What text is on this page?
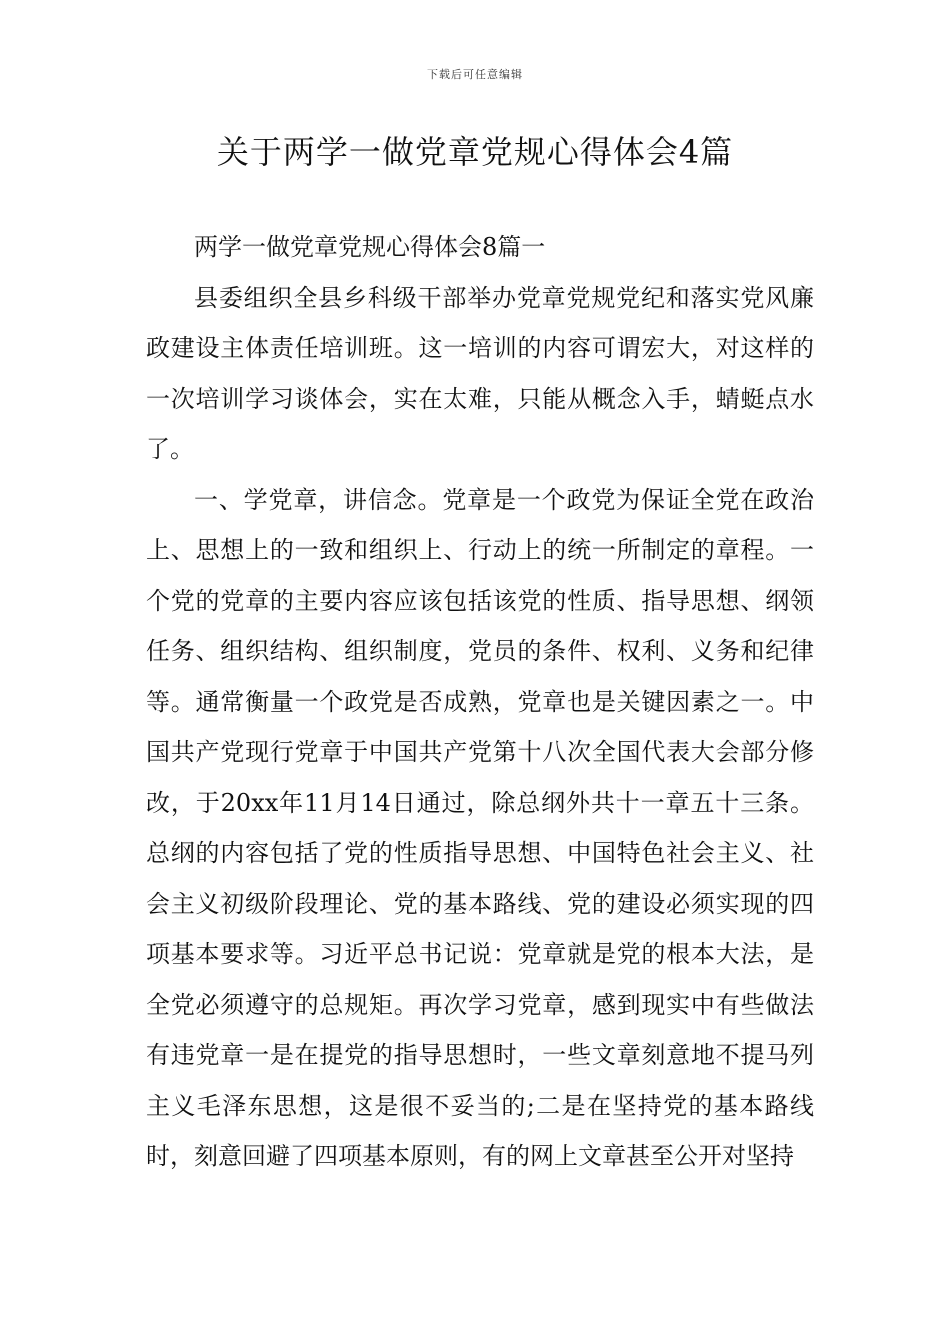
下载后可任意编辑
关于两学一做党章党规心得体会4篇

两学一做党章党规心得体会8篇一

县委组织全县乡科级干部举办党章党规党纪和落实党风廉政建设主体责任培训班。这一培训的内容可谓宏大，对这样的一次培训学习谈体会，实在太难，只能从概念入手，蜻蜓点水了。

一、学党章，讲信念。党章是一个政党为保证全党在政治上、思想上的一致和组织上、行动上的统一所制定的章程。一个党的党章的主要内容应该包括该党的性质、指导思想、纲领任务、组织结构、组织制度，党员的条件、权利、义务和纪律等。通常衡量一个政党是否成熟，党章也是关键因素之一。中国共产党现行党章于中国共产党第十八次全国代表大会部分修改，于20xx年11月14日通过，除总纲外共十一章五十三条。总纲的内容包括了党的性质指导思想、中国特色社会主义、社会主义初级阶段理论、党的基本路线、党的建设必须实现的四项基本要求等。习近平总书记说：党章就是党的根本大法，是全党必须遵守的总规矩。再次学习党章，感到现实中有些做法有违党章一是在提党的指导思想时，一些文章刻意地不提马列主义毛泽东思想，这是很不妥当的;二是在坚持党的基本路线时，刻意回避了四项基本原则，有的网上文章甚至公开对坚持
